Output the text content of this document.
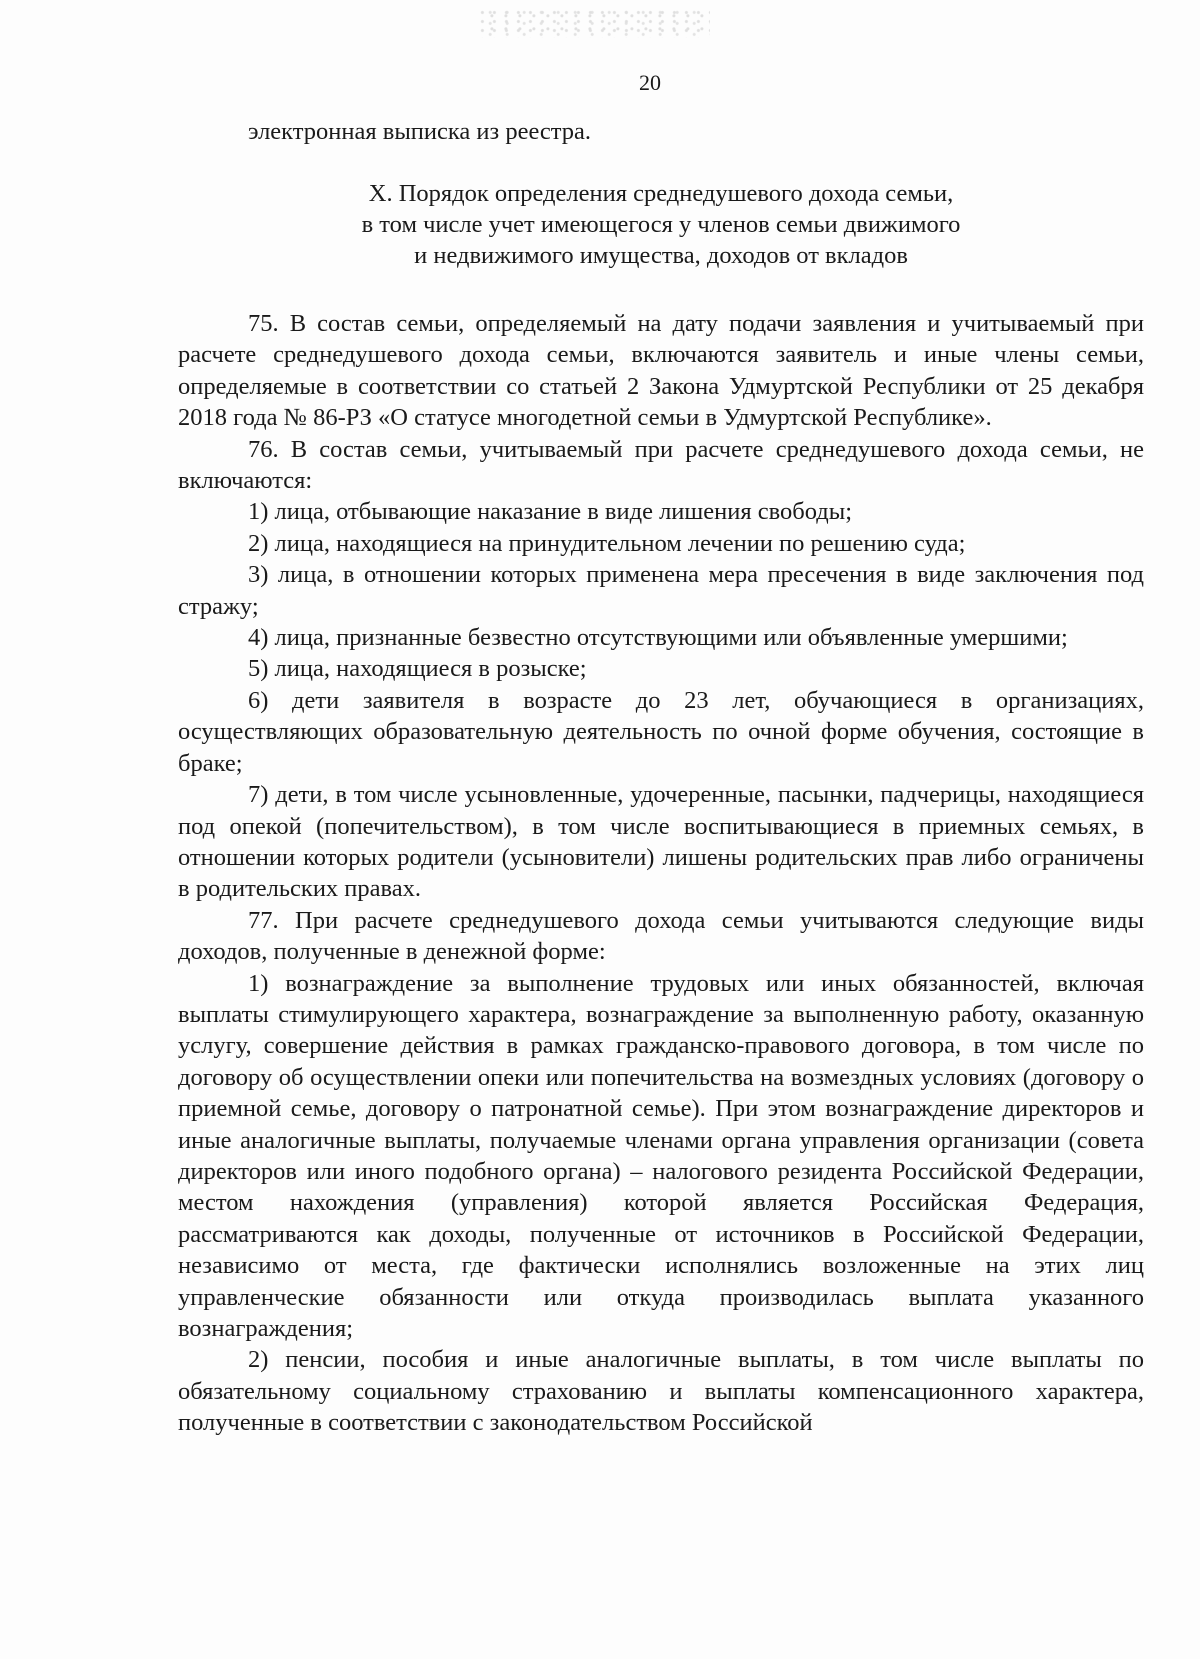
20
электронная выписка из реестра.
X. Порядок определения среднедушевого дохода семьи,
в том числе учет имеющегося у членов семьи движимого
и недвижимого имущества, доходов от вкладов

75. В состав семьи, определяемый на дату подачи заявления и учитываемый при расчете среднедушевого дохода семьи, включаются заявитель и иные члены семьи, определяемые в соответствии со статьей 2 Закона Удмуртской Республики от 25 декабря 2018 года № 86-РЗ «О статусе многодетной семьи в Удмуртской Республике».

76. В состав семьи, учитываемый при расчете среднедушевого дохода семьи, не включаются:

1) лица, отбывающие наказание в виде лишения свободы;

2) лица, находящиеся на принудительном лечении по решению суда;

3) лица, в отношении которых применена мера пресечения в виде заключения под стражу;

4) лица, признанные безвестно отсутствующими или объявленные умершими;

5) лица, находящиеся в розыске;

6) дети заявителя в возрасте до 23 лет, обучающиеся в организациях, осуществляющих образовательную деятельность по очной форме обучения, состоящие в браке;

7) дети, в том числе усыновленные, удочеренные, пасынки, падчерицы, находящиеся под опекой (попечительством), в том числе воспитывающиеся в приемных семьях, в отношении которых родители (усыновители) лишены родительских прав либо ограничены в родительских правах.

77. При расчете среднедушевого дохода семьи учитываются следующие виды доходов, полученные в денежной форме:

1) вознаграждение за выполнение трудовых или иных обязанностей, включая выплаты стимулирующего характера, вознаграждение за выполненную работу, оказанную услугу, совершение действия в рамках гражданско-правового договора, в том числе по договору об осуществлении опеки или попечительства на возмездных условиях (договору о приемной семье, договору о патронатной семье). При этом вознаграждение директоров и иные аналогичные выплаты, получаемые членами органа управления организации (совета директоров или иного подобного органа) – налогового резидента Российской Федерации, местом нахождения (управления) которой является Российская Федерация, рассматриваются как доходы, полученные от источников в Российской Федерации, независимо от места, где фактически исполнялись возложенные на этих лиц управленческие обязанности или откуда производилась выплата указанного вознаграждения;

2) пенсии, пособия и иные аналогичные выплаты, в том числе выплаты по обязательному социальному страхованию и выплаты компенсационного характера, полученные в соответствии с законодательством Российской
